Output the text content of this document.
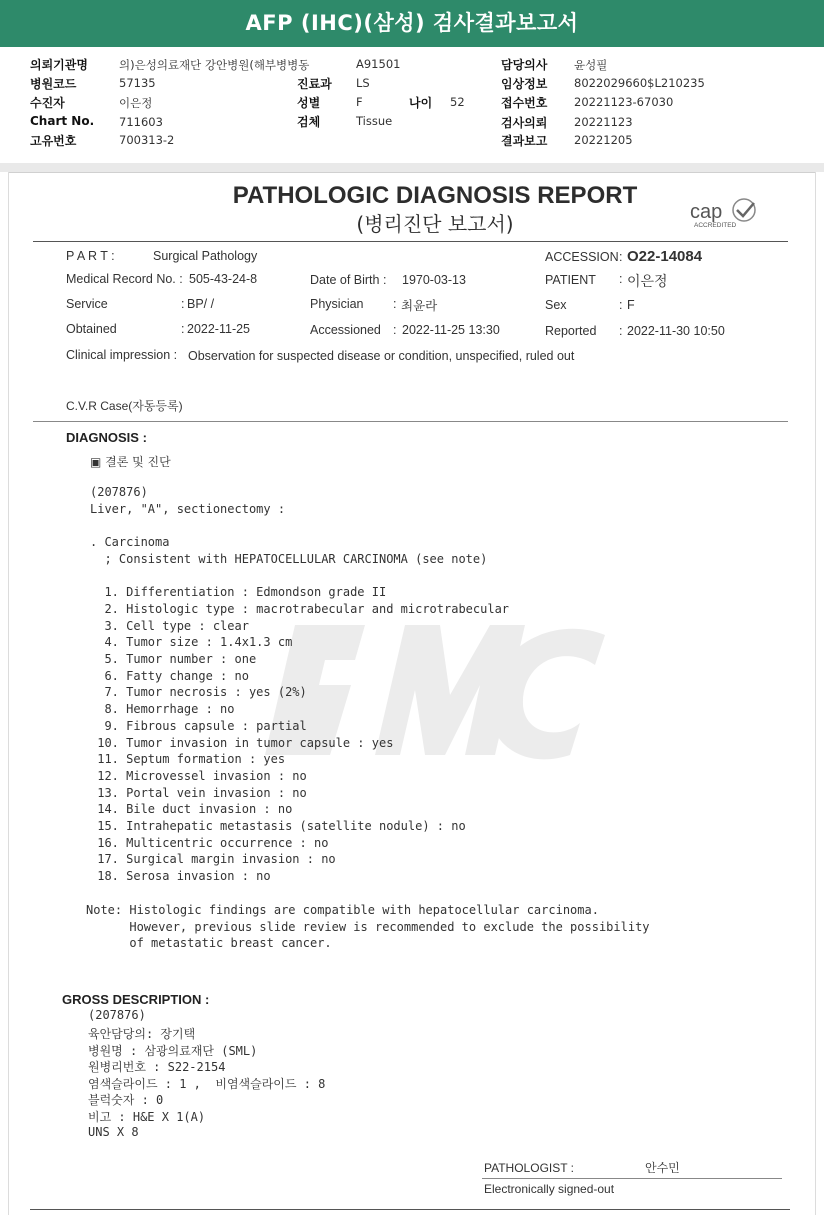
AFP (IHC)(삼성) 검사결과보고서
의뢰기관명	의)은성의료재단 강안병원(해부병병동	A91501	담당의사 윤성필
병원코드	57135	진료과 LS	임상정보 8022029660$L210235
수진자	이은정	성별	F	나이 52	접수번호 20221123-67030
Chart No. 711603	검체	Tissue	검사의뢰 20221123
고유번호	700313-2	결과보고 20221205
PATHOLOGIC DIAGNOSIS REPORT
(병리진단 보고서)	cap
ACCREDITED
P A R T :	Surgical Pathology	ACCESSION : O22-14084
Medical Record No. : 505-43-24-8	Date of Birth : 1970-03-13	PATIENT : 이은정
Service	: BP/ /	Physician : 최윤라	Sex	: F
Obtained	: 2022-11-25	Accessioned : 2022-11-25 13:30	Reported : 2022-11-30 10:50
Clinical impression : Observation for suspected disease or condition, unspecified, ruled out
C.V.R Case(자동등록)
DIAGNOSIS :
▣ 결론 및 진단
(207876)
Liver, "A", sectionectomy :
. Carcinoma
; Consistent with HEPATOCELLULAR CARCINOMA (see note)
1. Differentiation : Edmondson grade II
2. Histologic type : macrotrabecular and microtrabecular
3. Cell type : clear
4. Tumor size : 1.4x1.3 cm
5. Tumor number : one
6. Fatty change : no
7. Tumor necrosis : yes (2%)
8. Hemorrhage : no
9. Fibrous capsule : partial
10. Tumor invasion in tumor capsule : yes
11. Septum formation : yes
12. Microvessel invasion : no
13. Portal vein invasion : no
14. Bile duct invasion : no
15. Intrahepatic metastasis (satellite nodule) : no
16. Multicentric occurrence : no
17. Surgical margin invasion : no
18. Serosa invasion : no
Note: Histologic findings are compatible with hepatocellular carcinoma.
However, previous slide review is recommended to exclude the possibility
of metastatic breast cancer.
GROSS DESCRIPTION :
(207876)
육안담당의: 장기택
병원명 : 삼광의료재단 (SML)
원병리번호 : S22-2154
염색슬라이드 : 1 ,  비염색슬라이드 : 8
블럭숫자 : 0
비고 : H&E X 1(A)
UNS X 8
PATHOLOGIST :	안수민
Electronically signed-out
